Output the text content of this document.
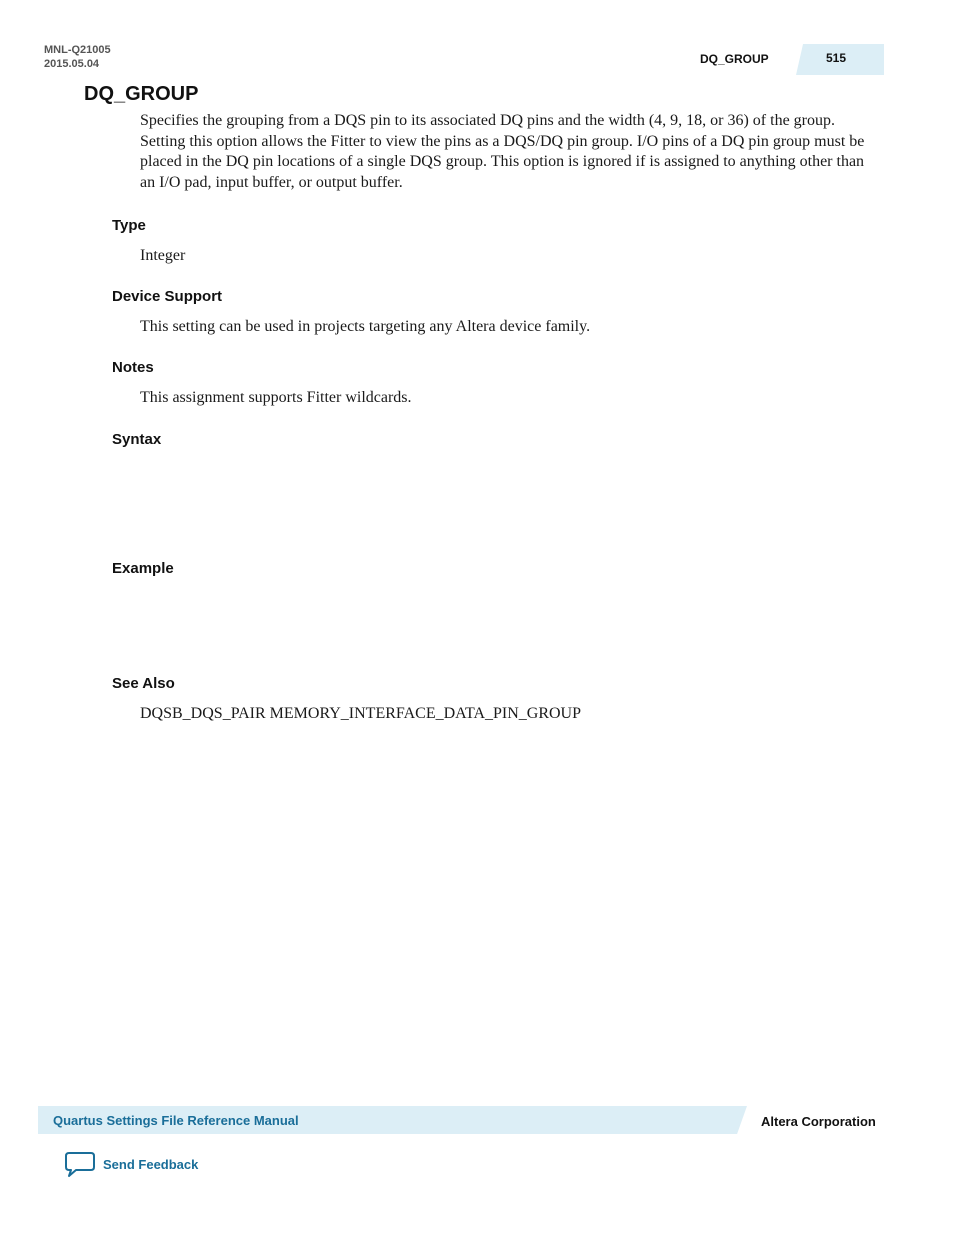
MNL-Q21005
2015.05.04	DQ_GROUP	515
DQ_GROUP

Specifies the grouping from a DQS pin to its associated DQ pins and the width (4, 9, 18, or 36) of the group. Setting this option allows the Fitter to view the pins as a DQS/DQ pin group. I/O pins of a DQ pin group must be placed in the DQ pin locations of a single DQS group. This option is ignored if is assigned to anything other than an I/O pad, input buffer, or output buffer.

Type

Integer

Device Support

This setting can be used in projects targeting any Altera device family.

Notes

This assignment supports Fitter wildcards.

Syntax
Example
See Also

DQSB_DQS_PAIR MEMORY_INTERFACE_DATA_PIN_GROUP

Quartus Settings File Reference Manual	Altera Corporation
Send Feedback
